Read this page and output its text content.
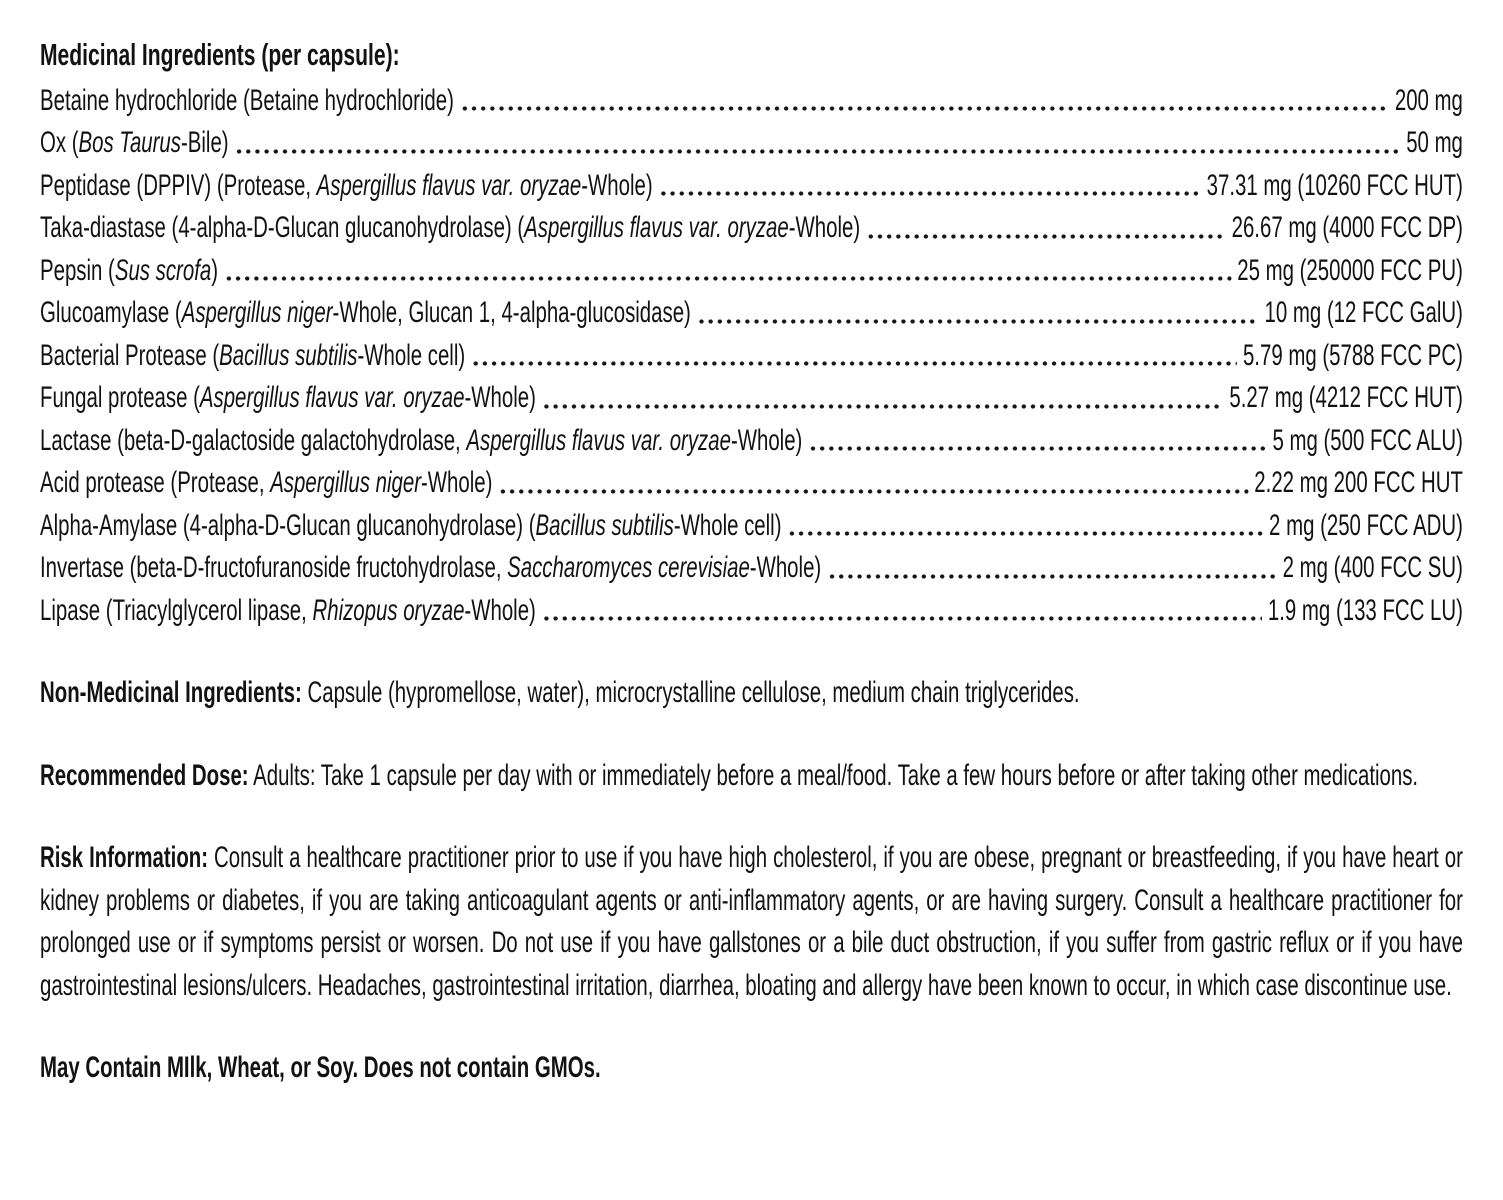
Medicinal Ingredients (per capsule):
Betaine hydrochloride (Betaine hydrochloride)	200 mg
Ox (Bos Taurus-Bile)	50 mg
Peptidase (DPPIV) (Protease, Aspergillus flavus var. oryzae-Whole)	37.31 mg (10260 FCC HUT)
Taka-diastase (4-alpha-D-Glucan glucanohydrolase) (Aspergillus flavus var. oryzae-Whole)	26.67 mg (4000 FCC DP)
Pepsin (Sus scrofa)	25 mg (250000 FCC PU)
Glucoamylase (Aspergillus niger-Whole, Glucan 1, 4-alpha-glucosidase)	10 mg (12 FCC GalU)
Bacterial Protease (Bacillus subtilis-Whole cell)	5.79 mg (5788 FCC PC)
Fungal protease (Aspergillus flavus var. oryzae-Whole)	5.27 mg (4212 FCC HUT)
Lactase (beta-D-galactoside galactohydrolase, Aspergillus flavus var. oryzae-Whole)	5 mg (500 FCC ALU)
Acid protease (Protease, Aspergillus niger-Whole)	2.22 mg 200 FCC HUT
Alpha-Amylase (4-alpha-D-Glucan glucanohydrolase) (Bacillus subtilis-Whole cell)	2 mg (250 FCC ADU)
Invertase (beta-D-fructofuranoside fructohydrolase, Saccharomyces cerevisiae-Whole)	2 mg (400 FCC SU)
Lipase (Triacylglycerol lipase, Rhizopus oryzae-Whole)	1.9 mg (133 FCC LU)

Non-Medicinal Ingredients: Capsule (hypromellose, water), microcrystalline cellulose, medium chain triglycerides.

Recommended Dose: Adults: Take 1 capsule per day with or immediately before a meal/food. Take a few hours before or after taking other medications.

Risk Information: Consult a healthcare practitioner prior to use if you have high cholesterol, if you are obese, pregnant or breastfeeding, if you have heart or kidney problems or diabetes, if you are taking anticoagulant agents or anti-inflammatory agents, or are having surgery. Consult a healthcare practitioner for prolonged use or if symptoms persist or worsen. Do not use if you have gallstones or a bile duct obstruction, if you suffer from gastric reflux or if you have gastrointestinal lesions/ulcers. Headaches, gastrointestinal irritation, diarrhea, bloating and allergy have been known to occur, in which case discontinue use.

May Contain MIlk, Wheat, or Soy. Does not contain GMOs.
